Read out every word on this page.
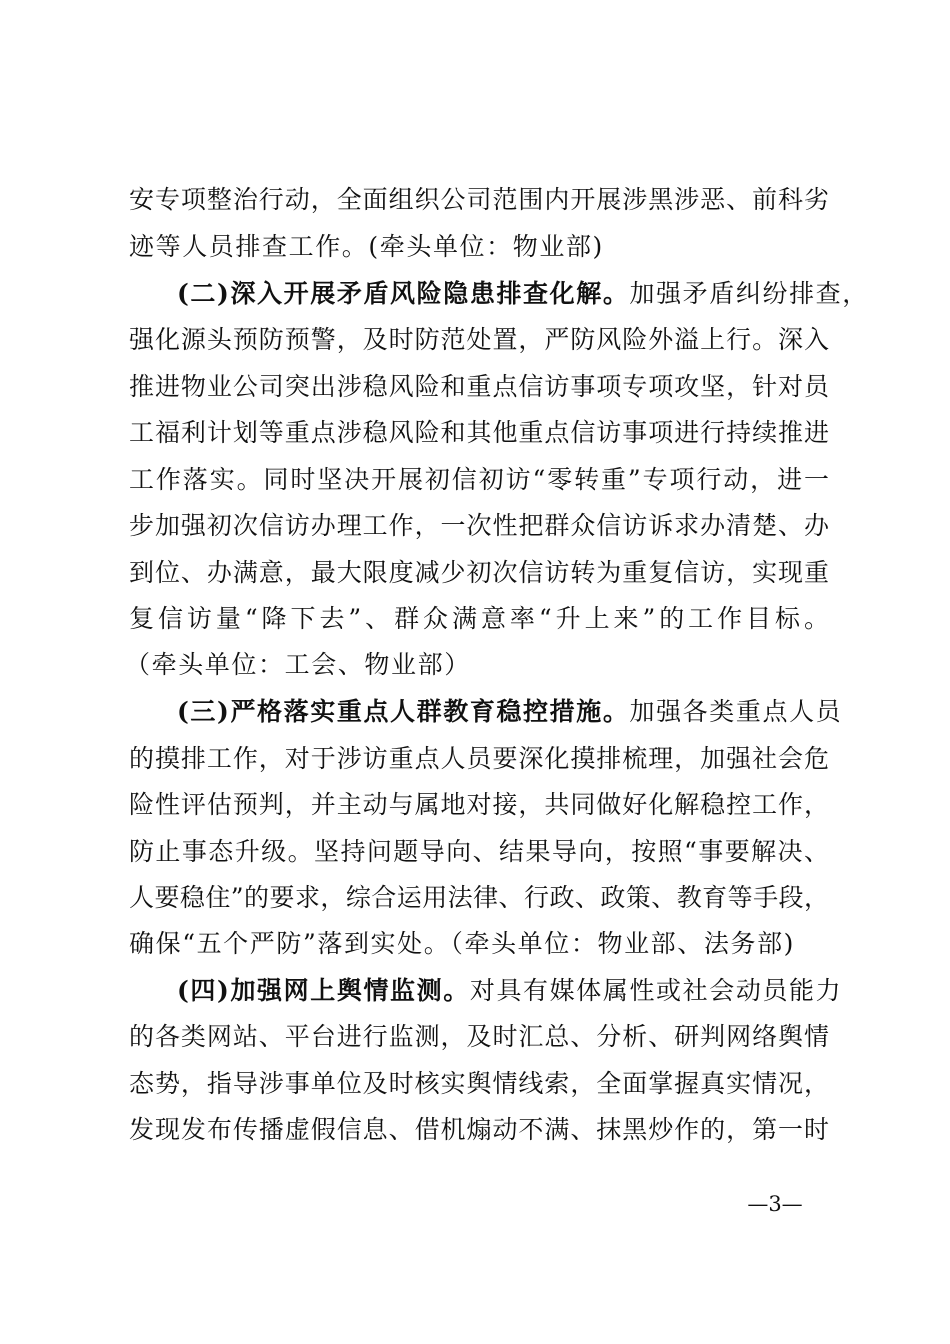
安专项整治行动，全面组织公司范围内开展涉黑涉恶、前科劣
迹等人员排查工作。(牵头单位：物业部)
(二)深入开展矛盾风险隐患排查化解。加强矛盾纠纷排查，
强化源头预防预警，及时防范处置，严防风险外溢上行。深入
推进物业公司突出涉稳风险和重点信访事项专项攻坚，针对员
工福利计划等重点涉稳风险和其他重点信访事项进行持续推进
工作落实。同时坚决开展初信初访“零转重”专项行动，进一
步加强初次信访办理工作，一次性把群众信访诉求办清楚、办
到位、办满意，最大限度减少初次信访转为重复信访，实现重
复信访量“降下去”、群众满意率“升上来”的工作目标。
（牵头单位：工会、物业部）
(三)严格落实重点人群教育稳控措施。加强各类重点人员
的摸排工作，对于涉访重点人员要深化摸排梳理，加强社会危
险性评估预判，并主动与属地对接，共同做好化解稳控工作，
防止事态升级。坚持问题导向、结果导向，按照“事要解决、
人要稳住”的要求，综合运用法律、行政、政策、教育等手段，
确保“五个严防”落到实处。（牵头单位：物业部、法务部)
(四)加强网上舆情监测。对具有媒体属性或社会动员能力
的各类网站、平台进行监测，及时汇总、分析、研判网络舆情
态势，指导涉事单位及时核实舆情线索，全面掌握真实情况，
发现发布传播虚假信息、借机煽动不满、抹黑炒作的，第一时
—3—
